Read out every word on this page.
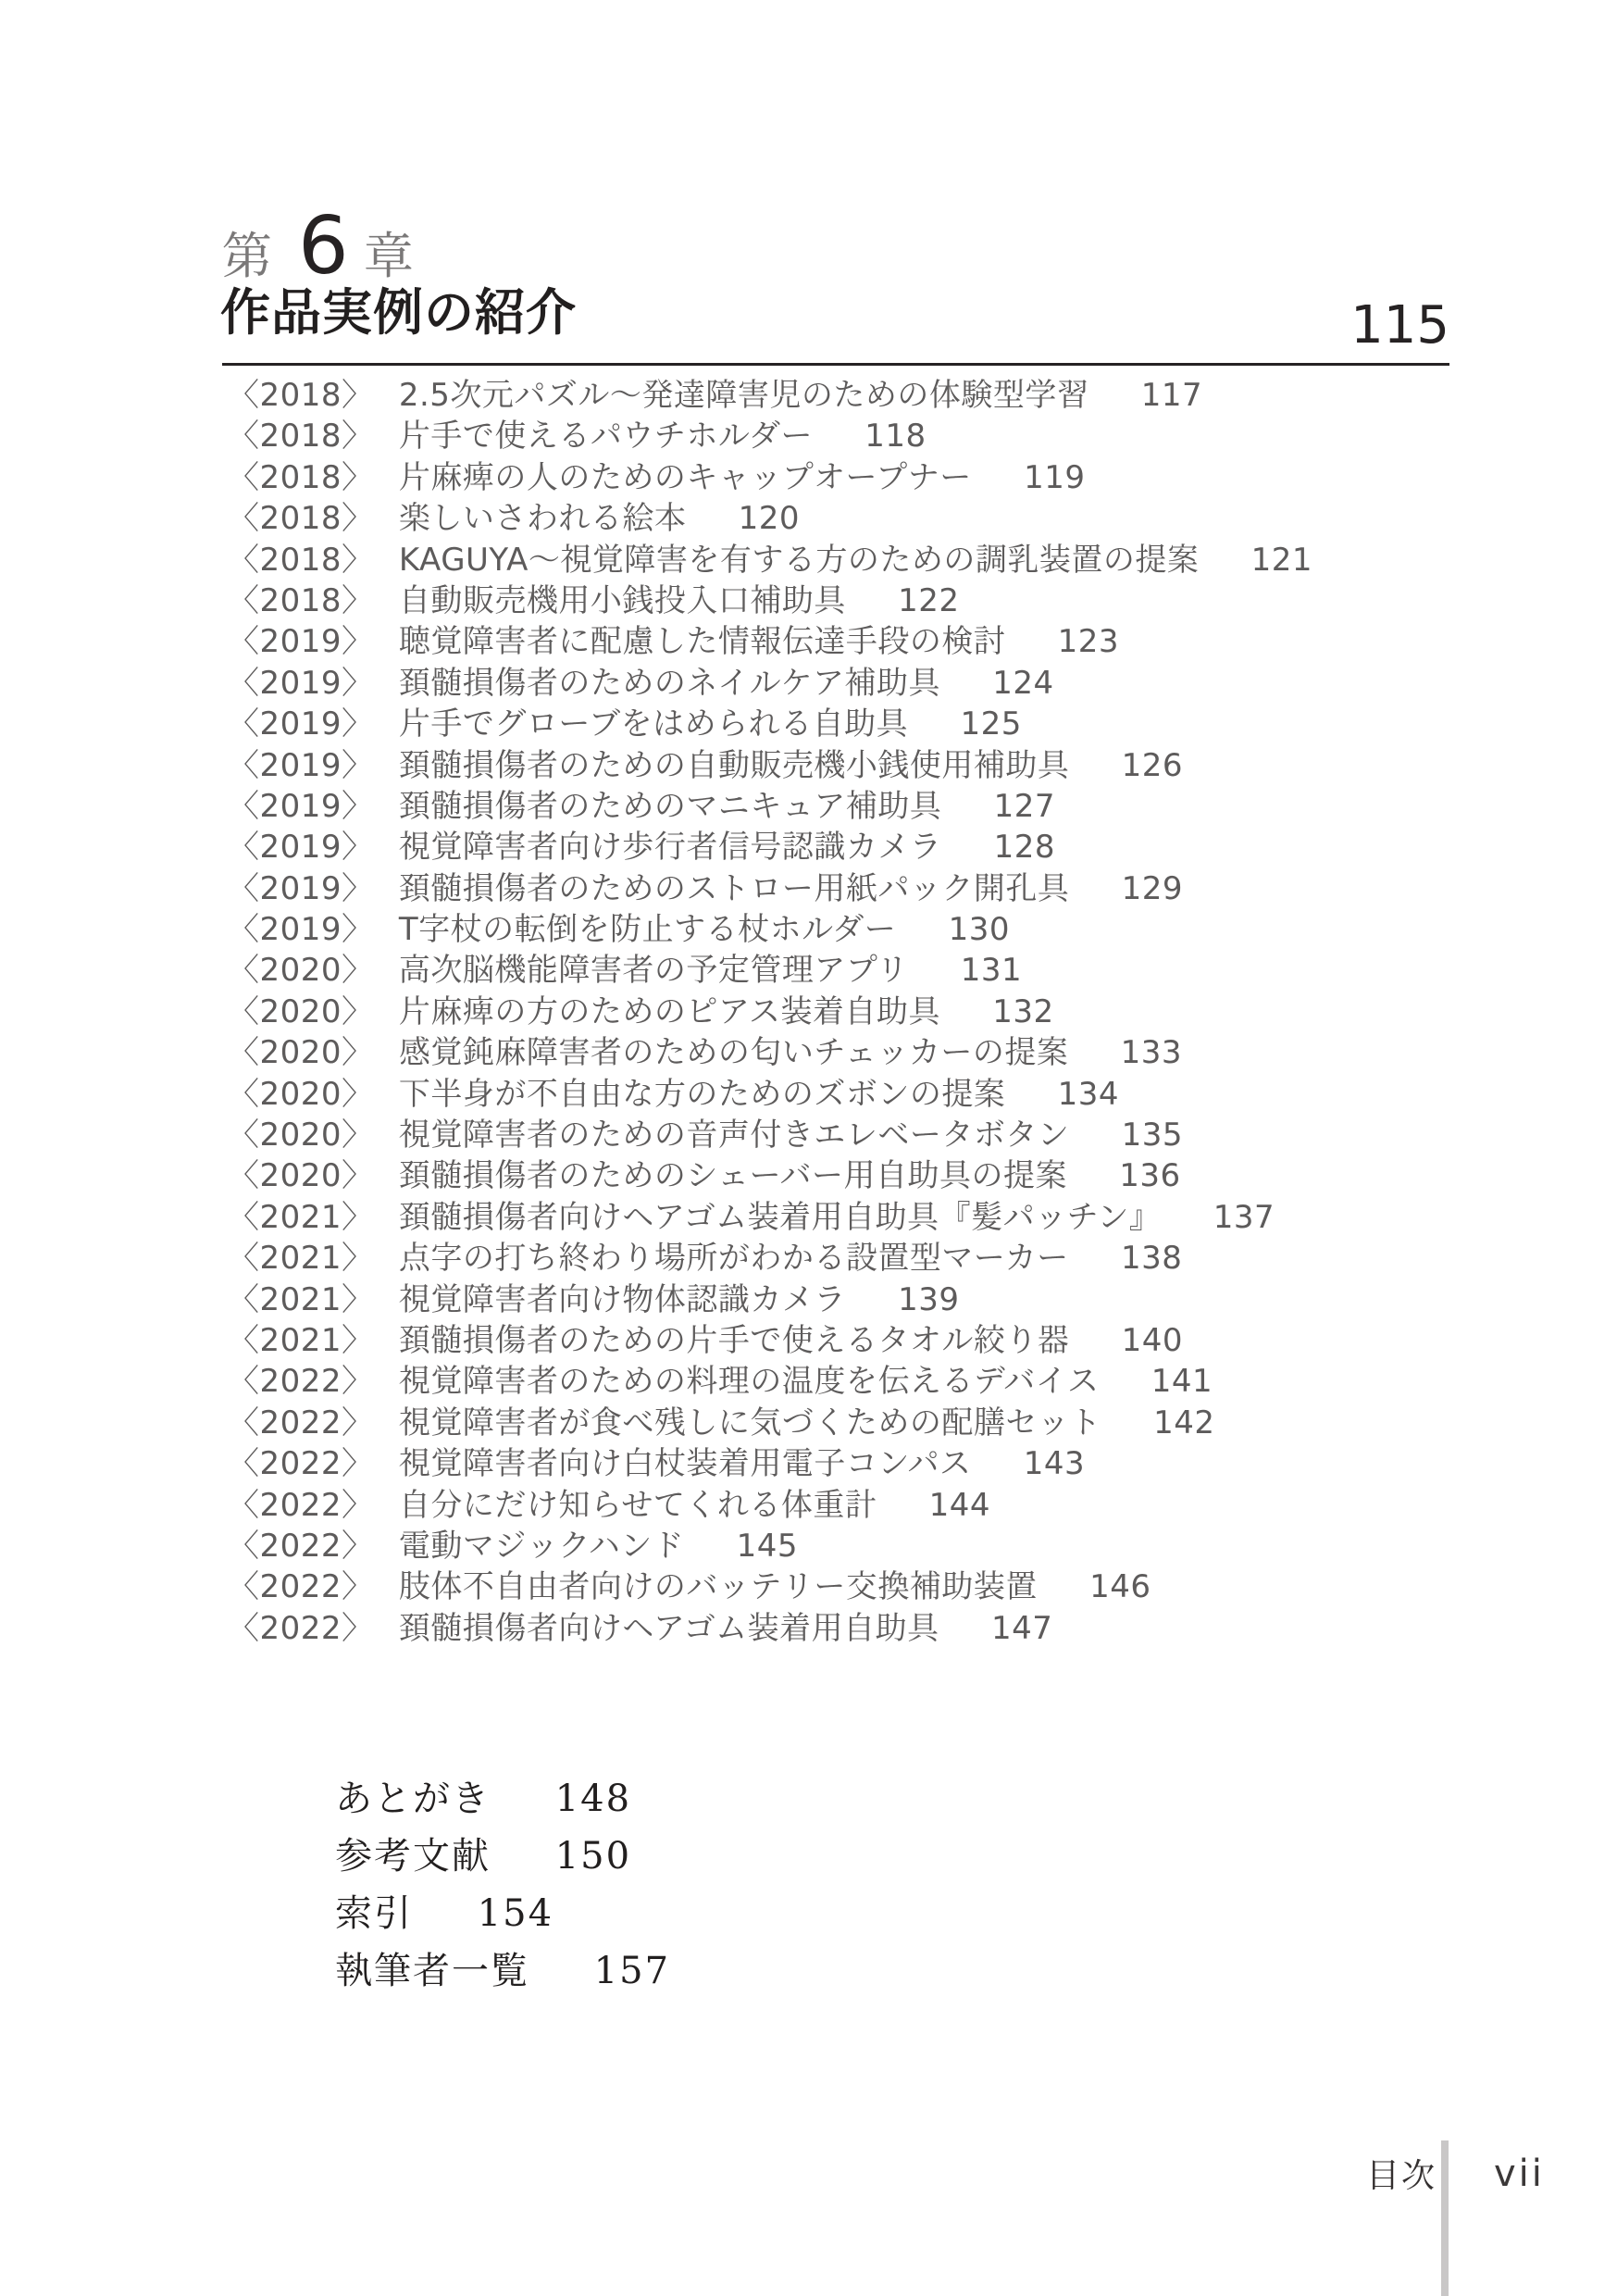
第 6 章
作品実例の紹介	115
〈2018〉 2.5次元パズル～発達障害児のための体験型学習 117
〈2018〉 片手で使えるパウチホルダー 118
〈2018〉 片麻痺の人のためのキャップオープナー 119
〈2018〉 楽しいさわれる絵本 120
〈2018〉 KAGUYA～視覚障害を有する方のための調乳装置の提案 121
〈2018〉 自動販売機用小銭投入口補助具 122
〈2019〉 聴覚障害者に配慮した情報伝達手段の検討 123
〈2019〉 頚髄損傷者のためのネイルケア補助具 124
〈2019〉 片手でグローブをはめられる自助具 125
〈2019〉 頚髄損傷者のための自動販売機小銭使用補助具 126
〈2019〉 頚髄損傷者のためのマニキュア補助具 127
〈2019〉 視覚障害者向け歩行者信号認識カメラ 128
〈2019〉 頚髄損傷者のためのストロー用紙パック開孔具 129
〈2019〉 T字杖の転倒を防止する杖ホルダー 130
〈2020〉 高次脳機能障害者の予定管理アプリ 131
〈2020〉 片麻痺の方のためのピアス装着自助具 132
〈2020〉 感覚鈍麻障害者のための匂いチェッカーの提案 133
〈2020〉 下半身が不自由な方のためのズボンの提案 134
〈2020〉 視覚障害者のための音声付きエレベータボタン 135
〈2020〉 頚髄損傷者のためのシェーバー用自助具の提案 136
〈2021〉 頚髄損傷者向けヘアゴム装着用自助具『髪パッチン』 137
〈2021〉 点字の打ち終わり場所がわかる設置型マーカー 138
〈2021〉 視覚障害者向け物体認識カメラ 139
〈2021〉 頚髄損傷者のための片手で使えるタオル絞り器 140
〈2022〉 視覚障害者のための料理の温度を伝えるデバイス 141
〈2022〉 視覚障害者が食べ残しに気づくための配膳セット 142
〈2022〉 視覚障害者向け白杖装着用電子コンパス 143
〈2022〉 自分にだけ知らせてくれる体重計 144
〈2022〉 電動マジックハンド 145
〈2022〉 肢体不自由者向けのバッテリー交換補助装置 146
〈2022〉 頚髄損傷者向けヘアゴム装着用自助具 147
あとがき 148
参考文献 150
索引 154
執筆者一覧 157
目次 vii
